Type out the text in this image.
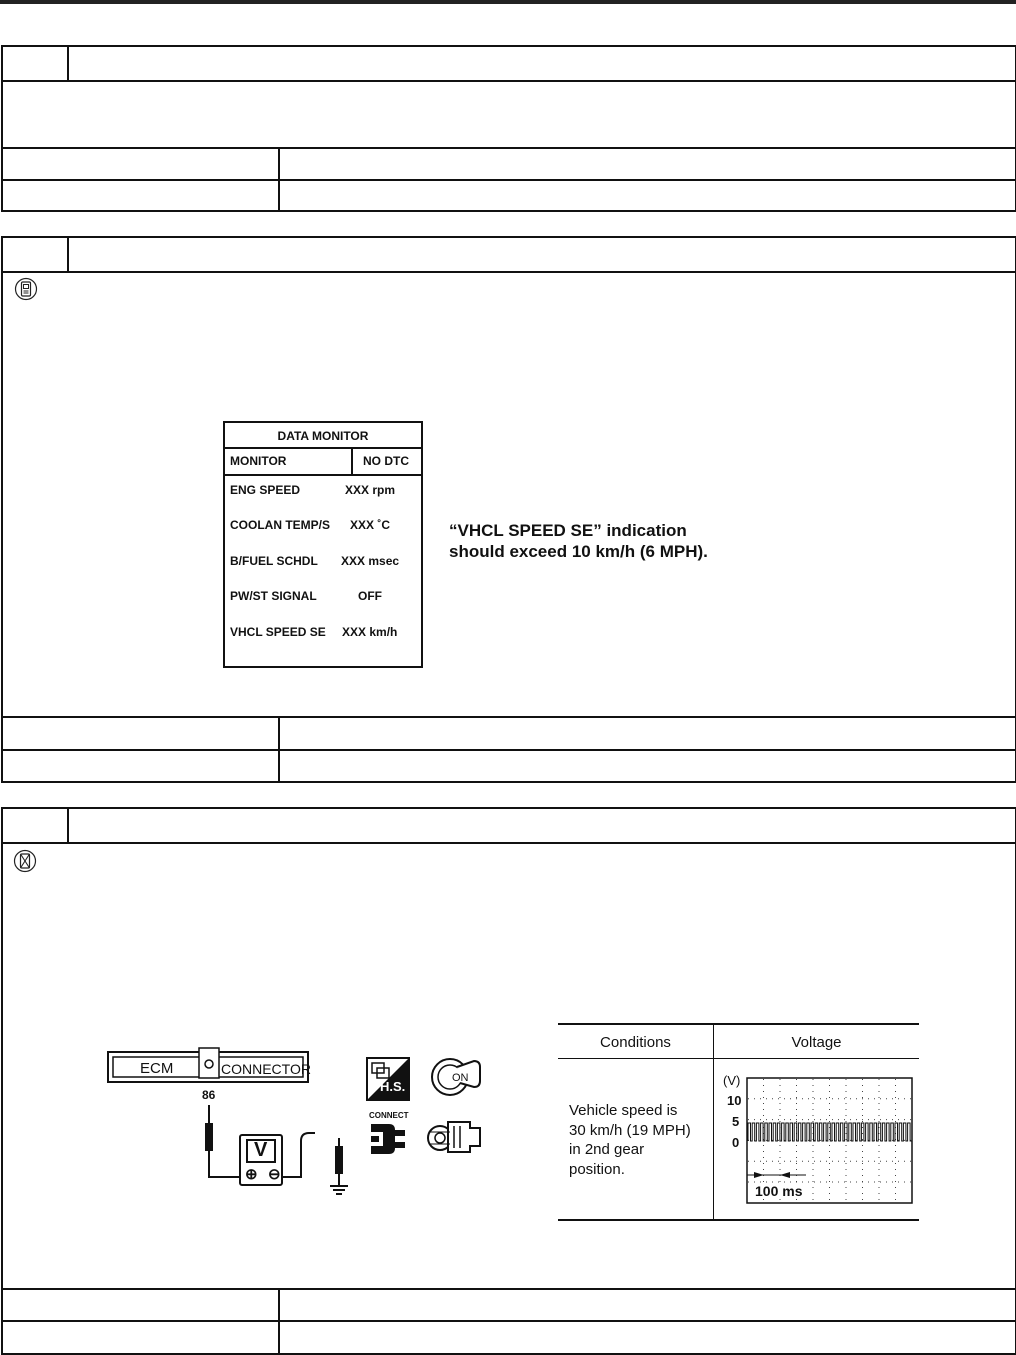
DATA MONITOR
MONITOR	NO DTC
ENG SPEED	XXX rpm
COOLAN TEMP/S XXX ˚C
B/FUEL SCHDL XXX msec
PW/ST SIGNAL	OFF
VHCL SPEED SE XXX km/h
“VHCL SPEED SE” indication
should exceed 10 km/h (6 MPH).
ECM	CONNECTOR
86
V
⊕ ⊖
H.S.
ON
CONNECT
Conditions	Voltage
Vehicle speed is
30 km/h (19 MPH)
in 2nd gear
position.
(V)
10
5
0
100 ms
